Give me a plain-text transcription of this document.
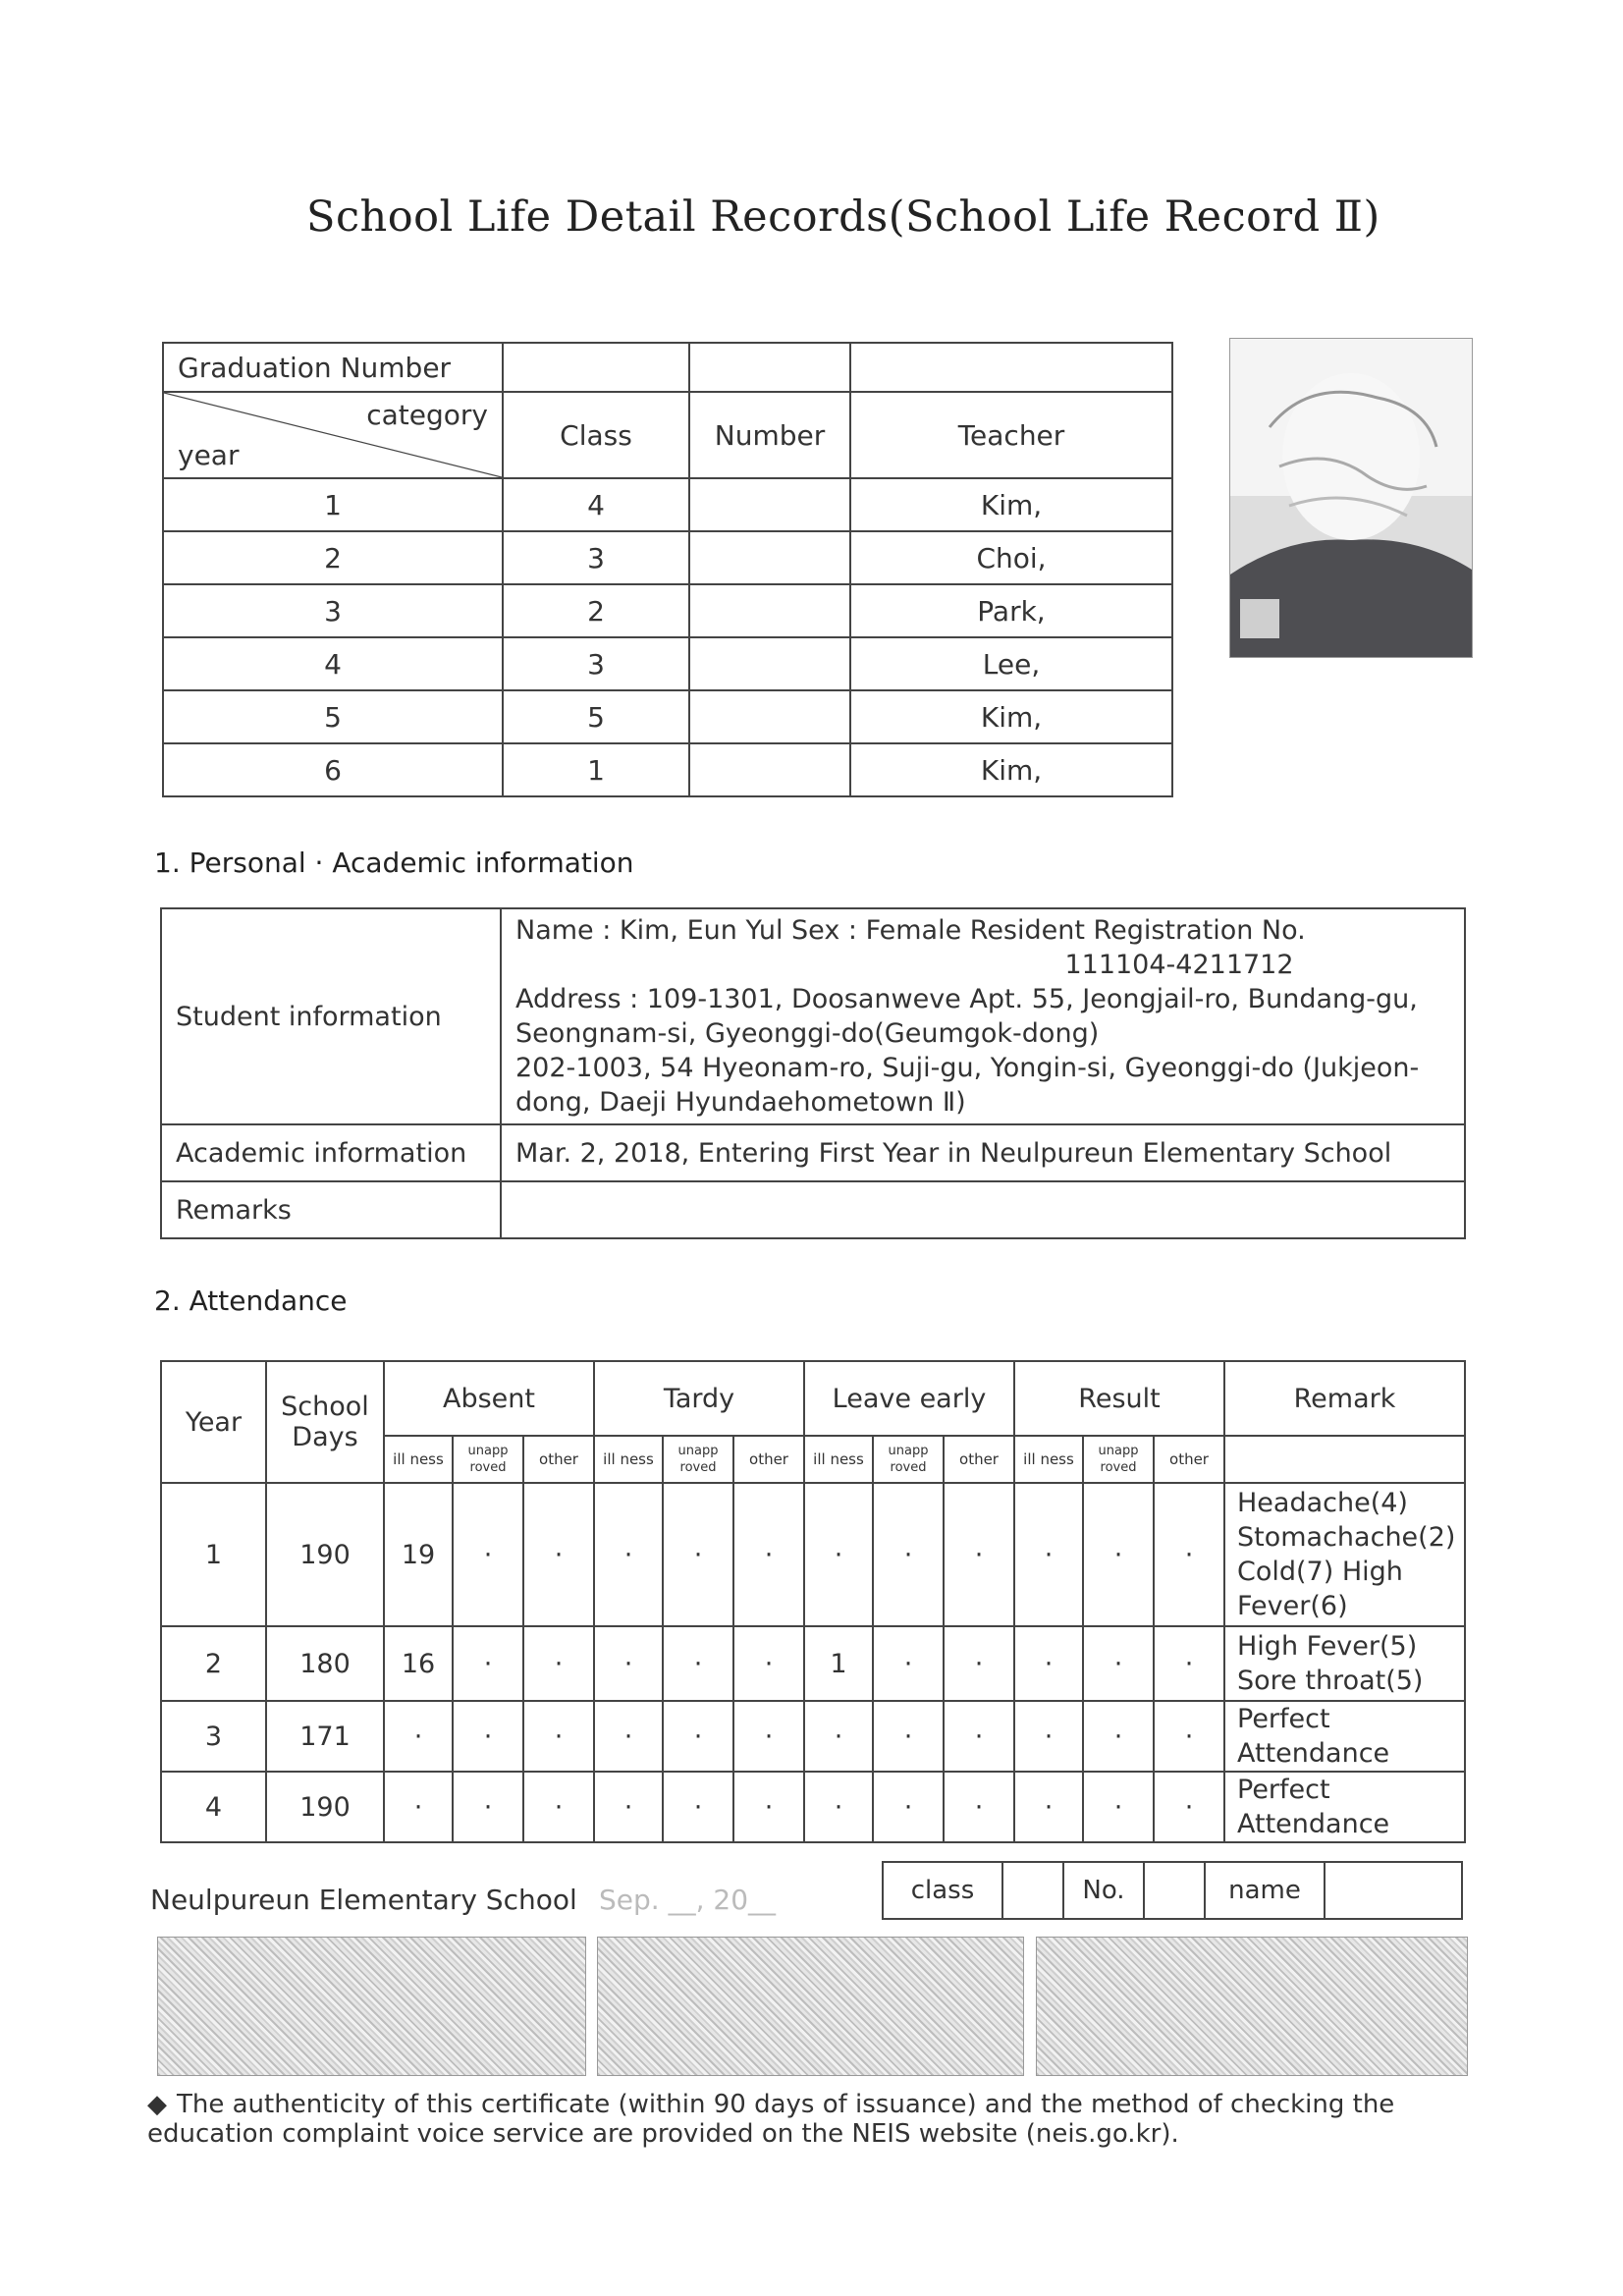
School Life Detail Records(School Life Record Ⅱ)
Graduation Number			

category
year	Class	Number	Teacher
1	4		Kim,
2	3		Choi,
3	2		Park,
4	3		Lee,
5	5		Kim,
6	1		Kim,
1. Personal · Academic information
Student information	Name : Kim, Eun Yul Sex : Female Resident Registration No.
111104-4211712
Address : 109-1301, Doosanweve Apt. 55, Jeongjail-ro, Bundang-gu, Seongnam-si, Gyeonggi-do(Geumgok-dong)
202-1003, 54 Hyeonam-ro, Suji-gu, Yongin-si, Gyeonggi-do (Jukjeon-dong, Daeji Hyundaehometown Ⅱ)

Academic information	Mar. 2, 2018, Entering First Year in Neulpureun Elementary School
Remarks	
2. Attendance
Year	School Days	Absent			Tardy			Leave early			Result			Remark
		ill ness	unapp roved	other	ill ness	unapp roved	other	ill ness	unapp roved	other	ill ness	unapp roved	other	
1	190	19	·	·	·	·	·	·	·	·	·	·	·	Headache(4) Stomachache(2) Cold(7) High Fever(6)
2	180	16	·	·	·	·	·	1	·	·	·	·	·	High Fever(5) Sore throat(5)
3	171	·	·	·	·	·	·	·	·	·	·	·	·	Perfect Attendance
4	190	·	·	·	·	·	·	·	·	·	·	·	·	Perfect Attendance
Neulpureun Elementary School Sep. __, 20__	class		No.		name	
◆ The authenticity of this certificate (within 90 days of issuance) and the method of checking the education complaint voice service are provided on the NEIS website (neis.go.kr).
